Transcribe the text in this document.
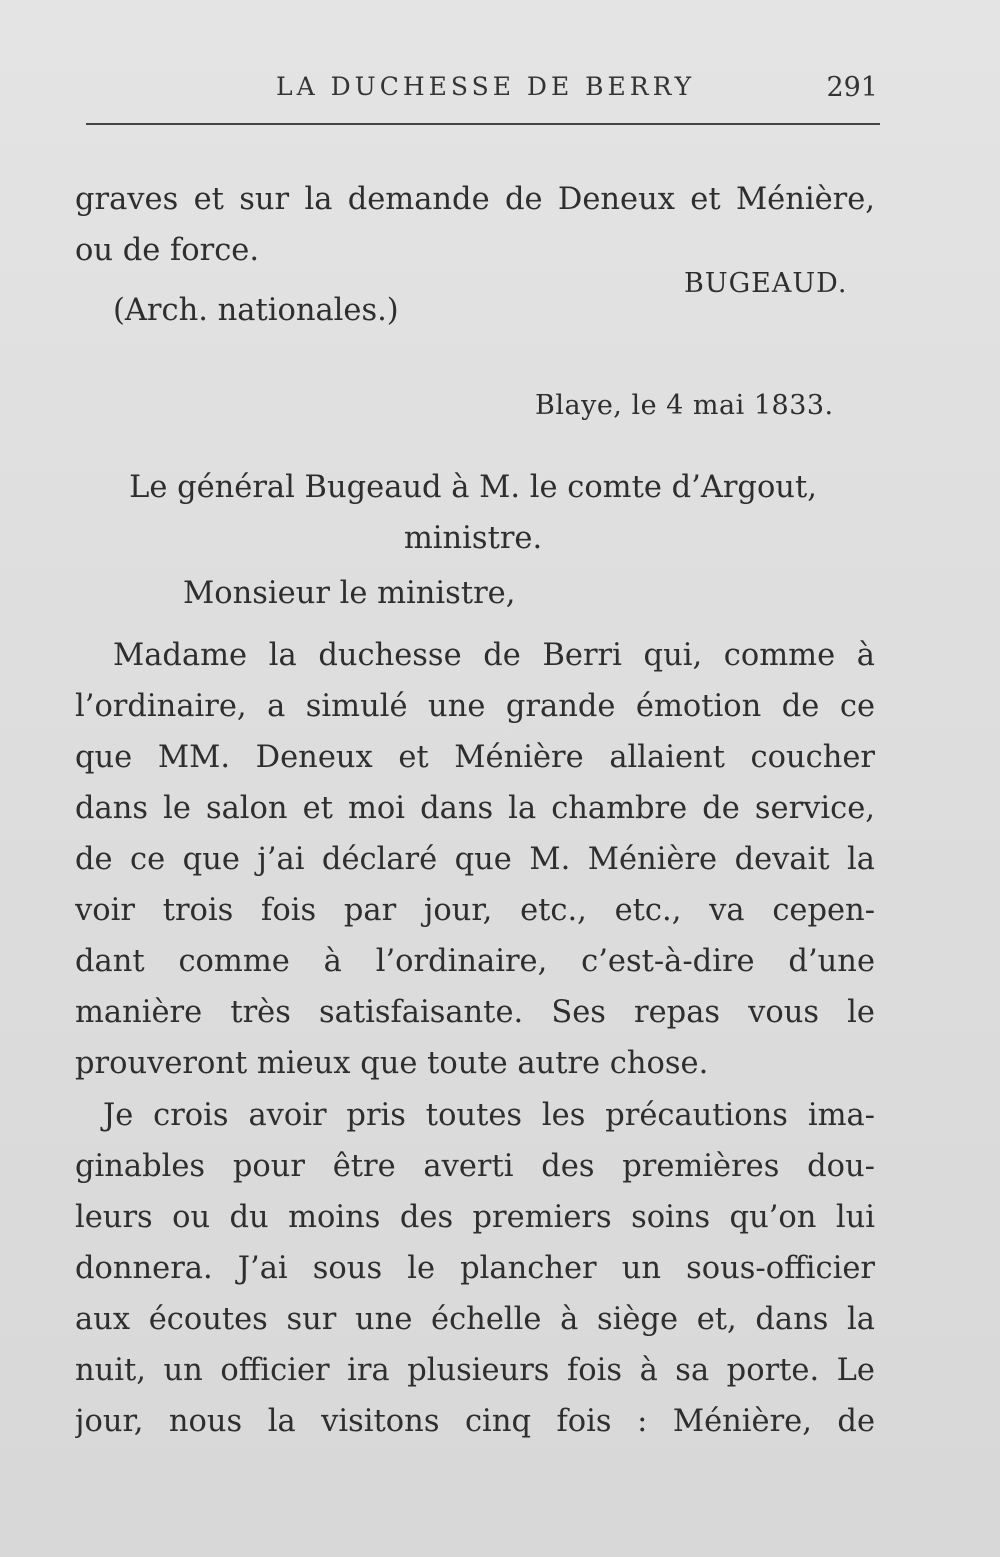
LA DUCHESSE DE BERRY	291
graves et sur la demande de Deneux et Ménière,
ou de force.
BUGEAUD.
(Arch. nationales.)
Blaye, le 4 mai 1833.
Le général Bugeaud à M. le comte d’Argout,
ministre.
Monsieur le ministre,
Madame la duchesse de Berri qui, comme à
l’ordinaire, a simulé une grande émotion de ce
que MM. Deneux et Ménière allaient coucher
dans le salon et moi dans la chambre de service,
de ce que j’ai déclaré que M. Ménière devait la
voir trois fois par jour, etc., etc., va cepen-
dant comme à l’ordinaire, c’est-à-dire d’une
manière très satisfaisante. Ses repas vous le
prouveront mieux que toute autre chose.
Je crois avoir pris toutes les précautions ima-
ginables pour être averti des premières dou-
leurs ou du moins des premiers soins qu’on lui
donnera. J’ai sous le plancher un sous-officier
aux écoutes sur une échelle à siège et, dans la
nuit, un officier ira plusieurs fois à sa porte. Le
jour, nous la visitons cinq fois : Ménière, de
